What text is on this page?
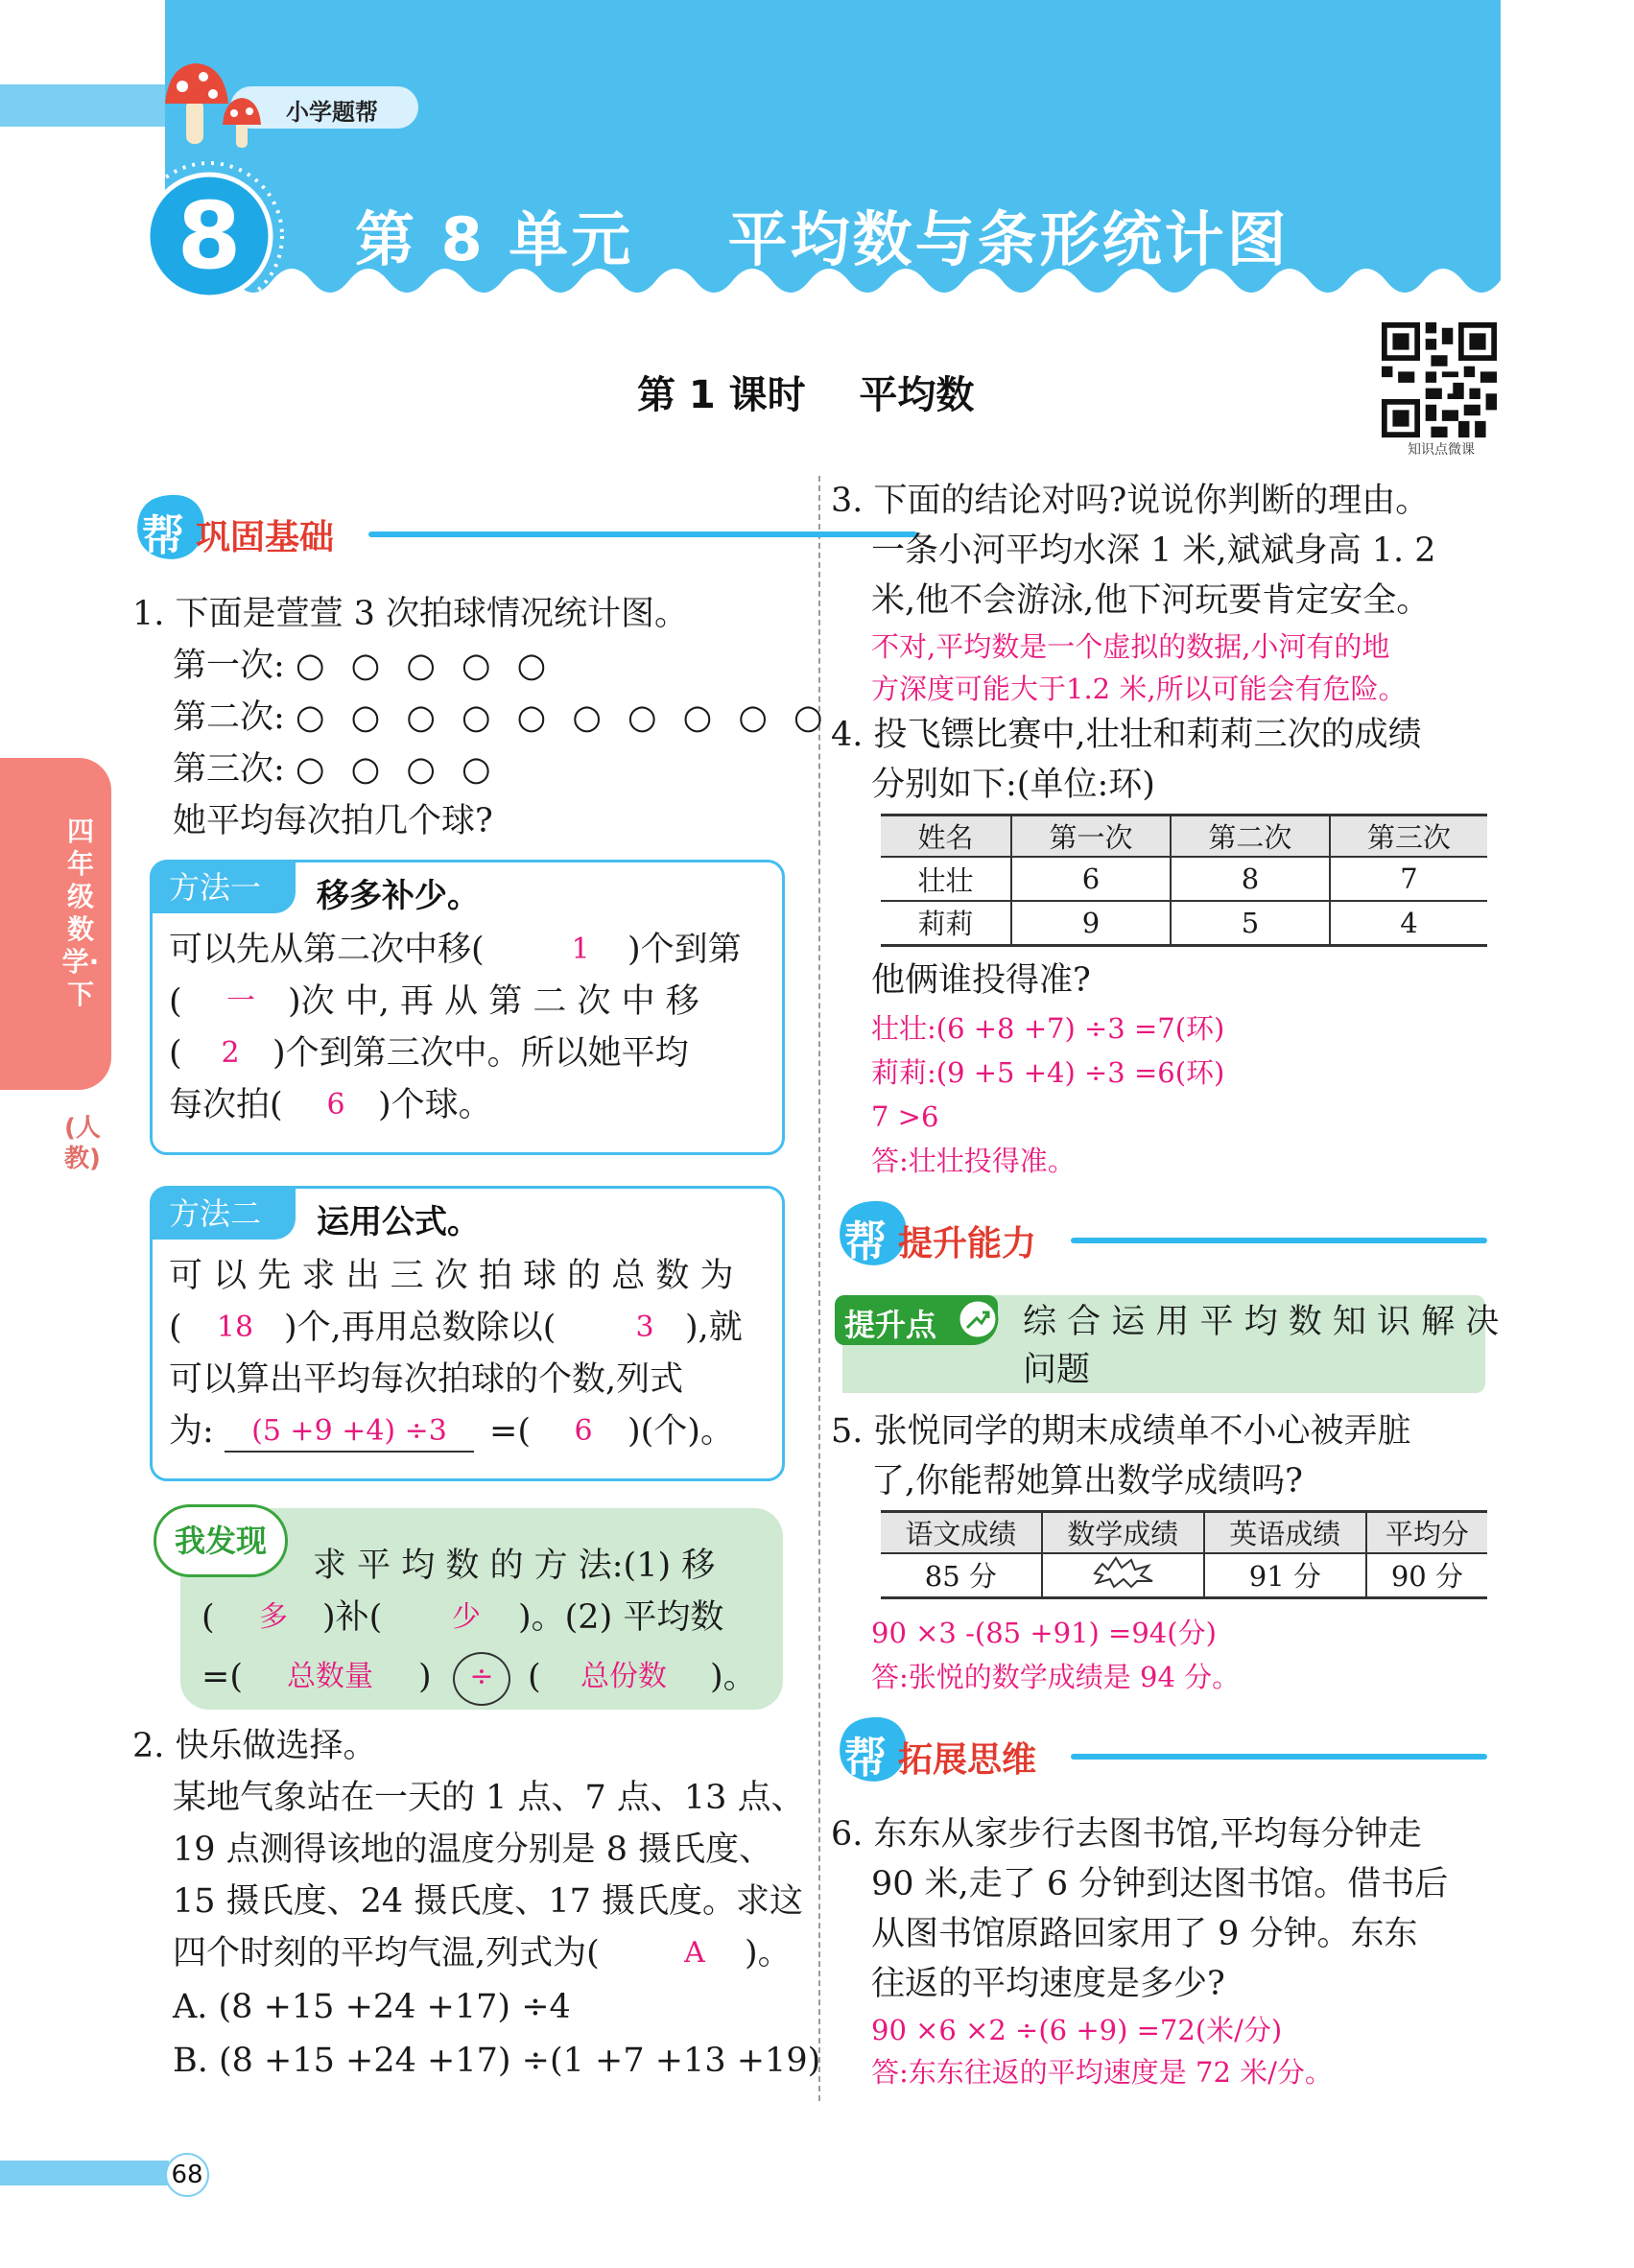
小学题帮
8	第 8 单元    平均数与条形统计图
第 1 课时    平均数
知识点微课
四年级数学·下
(人教)
帮 巩固基础
1. 下面是萱萱 3 次拍球情况统计图。
第一次: ○ ○ ○ ○ ○
第二次: ○ ○ ○ ○ ○ ○ ○ ○ ○ ○
第三次: ○ ○ ○ ○
她平均每次拍几个球?
方法一	移多补少。
可以先从第二次中移(	1	)个到第
(	一 )次 中, 再 从 第 二 次 中 移
(	2 )个到第三次中。所以她平均
每次拍(	6 )个球。
方法二	运用公式。
可 以 先 求 出 三 次 拍 球 的 总 数 为
(	18 )个,再用总数除以(	3 ),就
可以算出平均每次拍球的个数,列式
为:	(5 +9 +4) ÷3	=(	6	)(个)。
我发现
求 平 均 数 的 方 法:(1) 移
(	多	)补(	少	)。(2) 平均数
=(	总数量	)	÷	(	总份数	)。
2. 快乐做选择。
某地气象站在一天的 1 点、7 点、13 点、
19 点测得该地的温度分别是 8 摄氏度、
15 摄氏度、24 摄氏度、17 摄氏度。求这
四个时刻的平均气温,列式为(	A	)。
A. (8 +15 +24 +17) ÷4
B. (8 +15 +24 +17) ÷(1 +7 +13 +19)
3. 下面的结论对吗?说说你判断的理由。
一条小河平均水深 1 米,斌斌身高 1. 2
米,他不会游泳,他下河玩要肯定安全。
不对,平均数是一个虚拟的数据,小河有的地
方深度可能大于1.2 米,所以可能会有危险。
4. 投飞镖比赛中,壮壮和莉莉三次的成绩
分别如下:(单位:环)
姓名	第一次	第二次	第三次
壮壮	6	8	7
莉莉	9	5	4
他俩谁投得准?
壮壮:(6 +8 +7) ÷3 =7(环)
莉莉:(9 +5 +4) ÷3 =6(环)
7 >6
答:壮壮投得准。
帮 提升能力
提升点	综 合 运 用 平 均 数 知 识 解 决
问题
5. 张悦同学的期末成绩单不小心被弄脏
了,你能帮她算出数学成绩吗?
语文成绩	数学成绩	英语成绩	平均分
85 分		91 分	90 分
90 ×3 -(85 +91) =94(分)
答:张悦的数学成绩是 94 分。
帮 拓展思维
6. 东东从家步行去图书馆,平均每分钟走
90 米,走了 6 分钟到达图书馆。借书后
从图书馆原路回家用了 9 分钟。东东
往返的平均速度是多少?
90 ×6 ×2 ÷(6 +9) =72(米/分)
答:东东往返的平均速度是 72 米/分。
68
